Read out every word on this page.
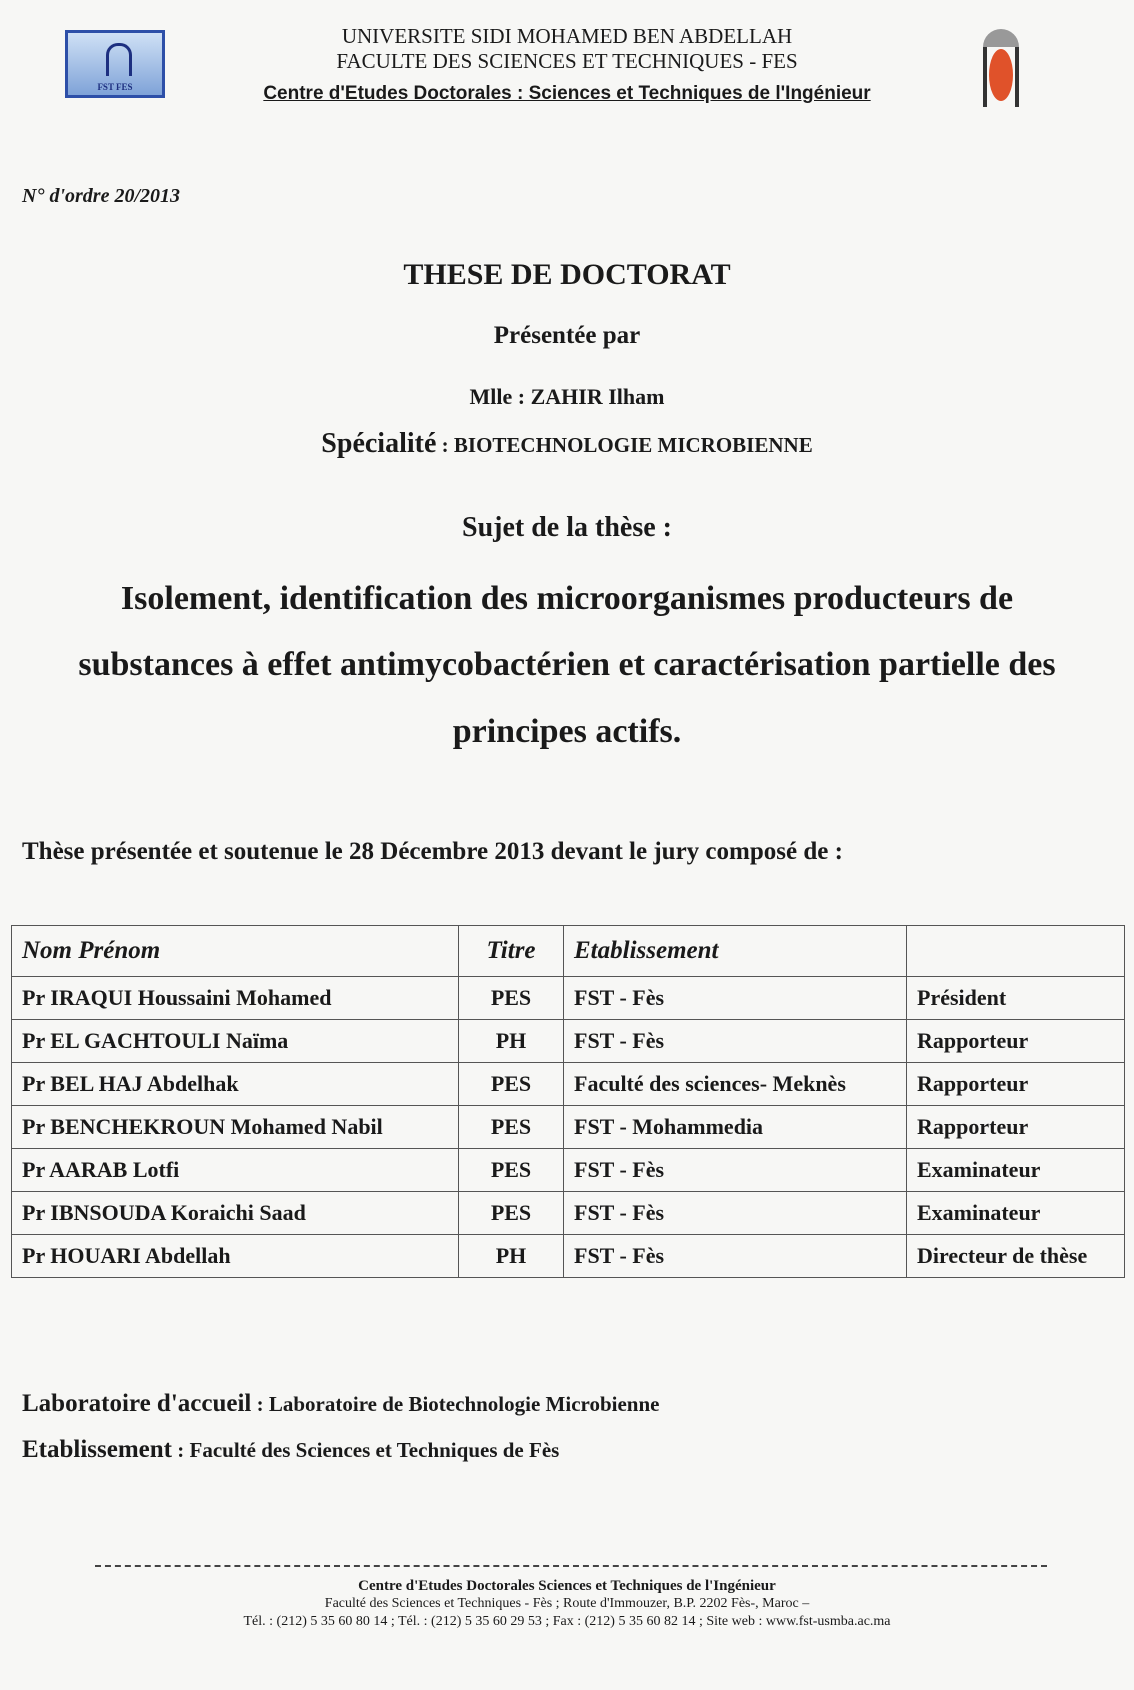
FST FES
UNIVERSITE SIDI MOHAMED BEN ABDELLAH
FACULTE DES SCIENCES ET TECHNIQUES - FES
Centre d'Etudes Doctorales : Sciences et Techniques de l'Ingénieur
N° d'ordre 20/2013
THESE DE DOCTORAT
Présentée par
Mlle : ZAHIR Ilham
Spécialité : BIOTECHNOLOGIE MICROBIENNE
Sujet de la thèse :
Isolement, identification des microorganismes producteurs de
substances à effet antimycobactérien et caractérisation partielle des
principes actifs.
Thèse présentée et soutenue le 28 Décembre 2013 devant le jury composé de :
Nom Prénom	Titre	Etablissement	
Pr IRAQUI Houssaini Mohamed	PES	FST - Fès	Président
Pr EL GACHTOULI Naïma	PH	FST - Fès	Rapporteur
Pr BEL HAJ Abdelhak	PES	Faculté des sciences- Meknès	Rapporteur
Pr BENCHEKROUN Mohamed Nabil	PES	FST - Mohammedia	Rapporteur
Pr AARAB Lotfi	PES	FST - Fès	Examinateur
Pr IBNSOUDA Koraichi Saad	PES	FST - Fès	Examinateur
Pr HOUARI Abdellah	PH	FST - Fès	Directeur de thèse
Laboratoire d'accueil : Laboratoire de Biotechnologie Microbienne
Etablissement : Faculté des Sciences et Techniques de Fès
Centre d'Etudes Doctorales Sciences et Techniques de l'Ingénieur
Faculté des Sciences et Techniques - Fès ; Route d'Immouzer, B.P. 2202 Fès-, Maroc –
Tél. : (212) 5 35 60 80 14 ; Tél. : (212) 5 35 60 29 53 ; Fax : (212) 5 35 60 82 14 ; Site web : www.fst-usmba.ac.ma
